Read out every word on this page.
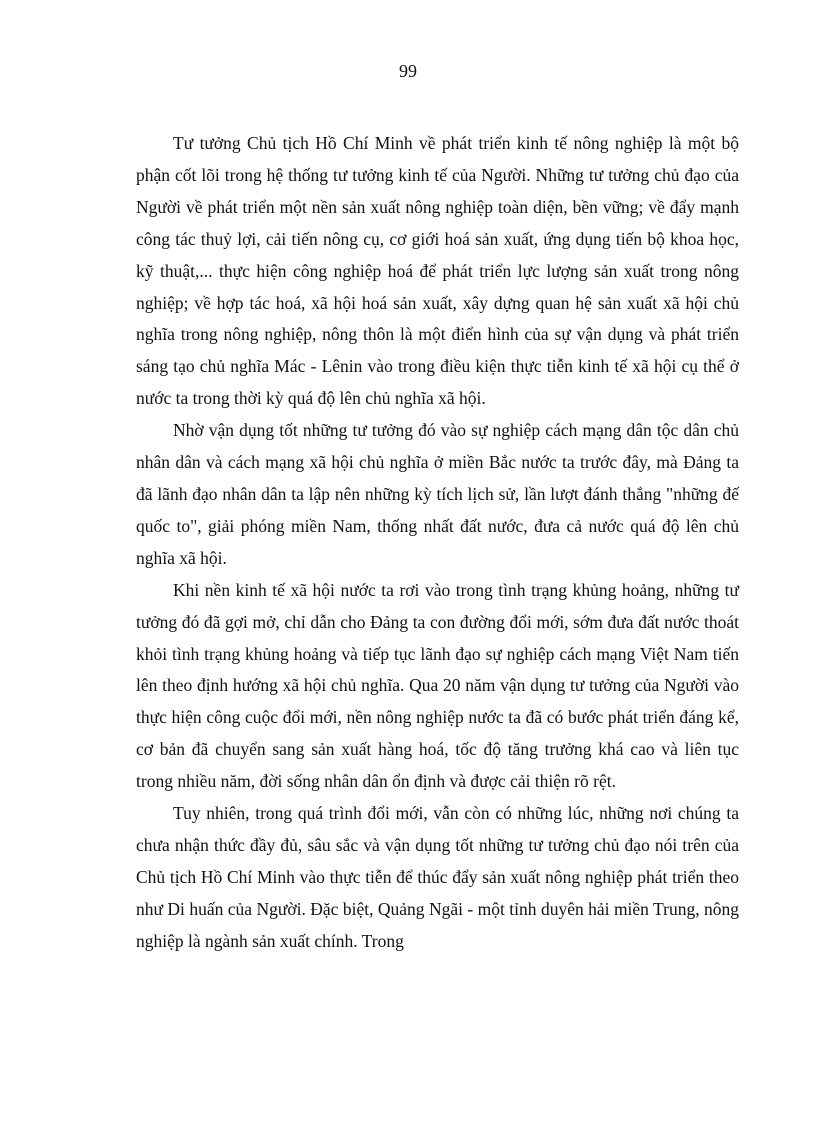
99

Tư tưởng Chủ tịch Hồ Chí Minh về phát triển kinh tế nông nghiệp là một bộ phận cốt lõi trong hệ thống tư tưởng kinh tế của Người. Những tư tưởng chủ đạo của Người về phát triển một nền sản xuất nông nghiệp toàn diện, bền vững; về đẩy mạnh công tác thuỷ lợi, cải tiến nông cụ, cơ giới hoá sản xuất, ứng dụng tiến bộ khoa học, kỹ thuật,... thực hiện công nghiệp hoá để phát triển lực lượng sản xuất trong nông nghiệp; về hợp tác hoá, xã hội hoá sản xuất, xây dựng quan hệ sản xuất xã hội chủ nghĩa trong nông nghiệp, nông thôn là một điển hình của sự vận dụng và phát triển sáng tạo chủ nghĩa Mác - Lênin vào trong điều kiện thực tiễn kinh tế xã hội cụ thể ở nước ta trong thời kỳ quá độ lên chủ nghĩa xã hội.

Nhờ vận dụng tốt những tư tưởng đó vào sự nghiệp cách mạng dân tộc dân chủ nhân dân và cách mạng xã hội chủ nghĩa ở miền Bắc nước ta trước đây, mà Đảng ta đã lãnh đạo nhân dân ta lập nên những kỳ tích lịch sử, lần lượt đánh thắng "những đế quốc to", giải phóng miền Nam, thống nhất đất nước, đưa cả nước quá độ lên chủ nghĩa xã hội.

Khi nền kinh tế xã hội nước ta rơi vào trong tình trạng khủng hoảng, những tư tưởng đó đã gợi mở, chỉ dẫn cho Đảng ta con đường đổi mới, sớm đưa đất nước thoát khỏi tình trạng khủng hoảng và tiếp tục lãnh đạo sự nghiệp cách mạng Việt Nam tiến lên theo định hướng xã hội chủ nghĩa. Qua 20 năm vận dụng tư tưởng của Người vào thực hiện công cuộc đổi mới, nền nông nghiệp nước ta đã có bước phát triển đáng kể, cơ bản đã chuyển sang sản xuất hàng hoá, tốc độ tăng trưởng khá cao và liên tục trong nhiều năm, đời sống nhân dân ổn định và được cải thiện rõ rệt.

Tuy nhiên, trong quá trình đổi mới, vẫn còn có những lúc, những nơi chúng ta chưa nhận thức đầy đủ, sâu sắc và vận dụng tốt những tư tưởng chủ đạo nói trên của Chủ tịch Hồ Chí Minh vào thực tiễn để thúc đẩy sản xuất nông nghiệp phát triển theo như Di huấn của Người. Đặc biệt, Quảng Ngãi - một tỉnh duyên hải miền Trung, nông nghiệp là ngành sản xuất chính. Trong
